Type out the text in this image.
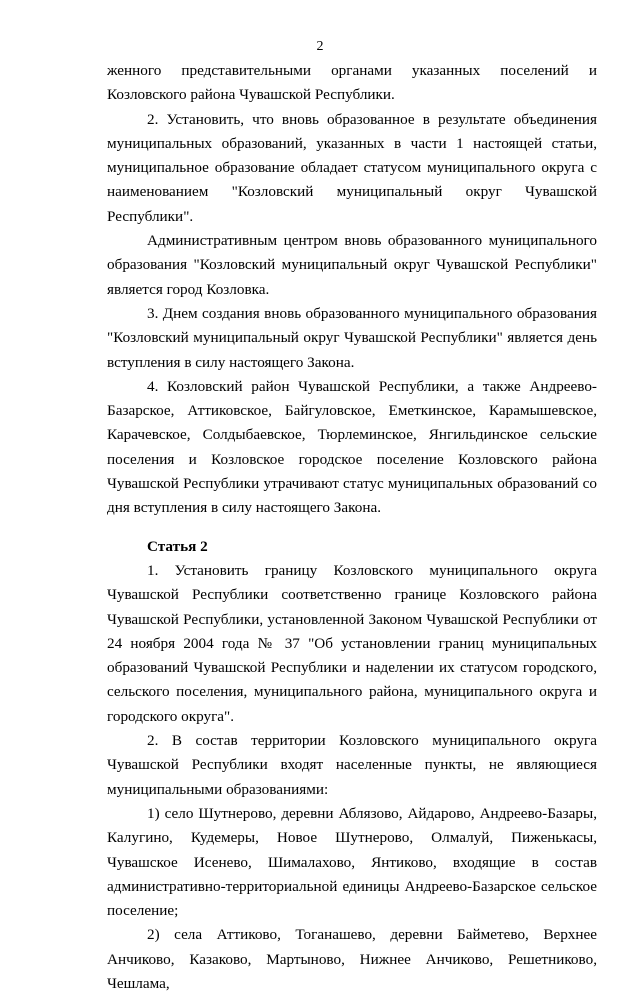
2

женного представительными органами указанных поселений и Козловского района Чувашской Республики.

2. Установить, что вновь образованное в результате объединения муниципальных образований, указанных в части 1 настоящей статьи, муниципальное образование обладает статусом муниципального округа с наименованием "Козловский муниципальный округ Чувашской Республики".

Административным центром вновь образованного муниципального образования "Козловский муниципальный округ Чувашской Республики" является город Козловка.

3. Днем создания вновь образованного муниципального образования "Козловский муниципальный округ Чувашской Республики" является день вступления в силу настоящего Закона.

4. Козловский район Чувашской Республики, а также Андреево-Базарское, Аттиковское, Байгуловское, Еметкинское, Карамышевское, Карачевское, Солдыбаевское, Тюрлеминское, Янгильдинское сельские поселения и Козловское городское поселение Козловского района Чувашской Республики утрачивают статус муниципальных образований со дня вступления в силу настоящего Закона.

Статья 2

1. Установить границу Козловского муниципального округа Чувашской Республики соответственно границе Козловского района Чувашской Республики, установленной Законом Чувашской Республики от 24 ноября 2004 года № 37 "Об установлении границ муниципальных образований Чувашской Республики и наделении их статусом городского, сельского поселения, муниципального района, муниципального округа и городского округа".

2. В состав территории Козловского муниципального округа Чувашской Республики входят населенные пункты, не являющиеся муниципальными образованиями:

1) село Шутнерово, деревни Аблязово, Айдарово, Андреево-Базары, Калугино, Кудемеры, Новое Шутнерово, Олмалуй, Пиженькасы, Чувашское Исенево, Шималахово, Янтиково, входящие в состав административно-территориальной единицы Андреево-Базарское сельское поселение;

2) села Аттиково, Тоганашево, деревни Байметево, Верхнее Анчиково, Казаково, Мартыново, Нижнее Анчиково, Решетниково, Чешлама,
